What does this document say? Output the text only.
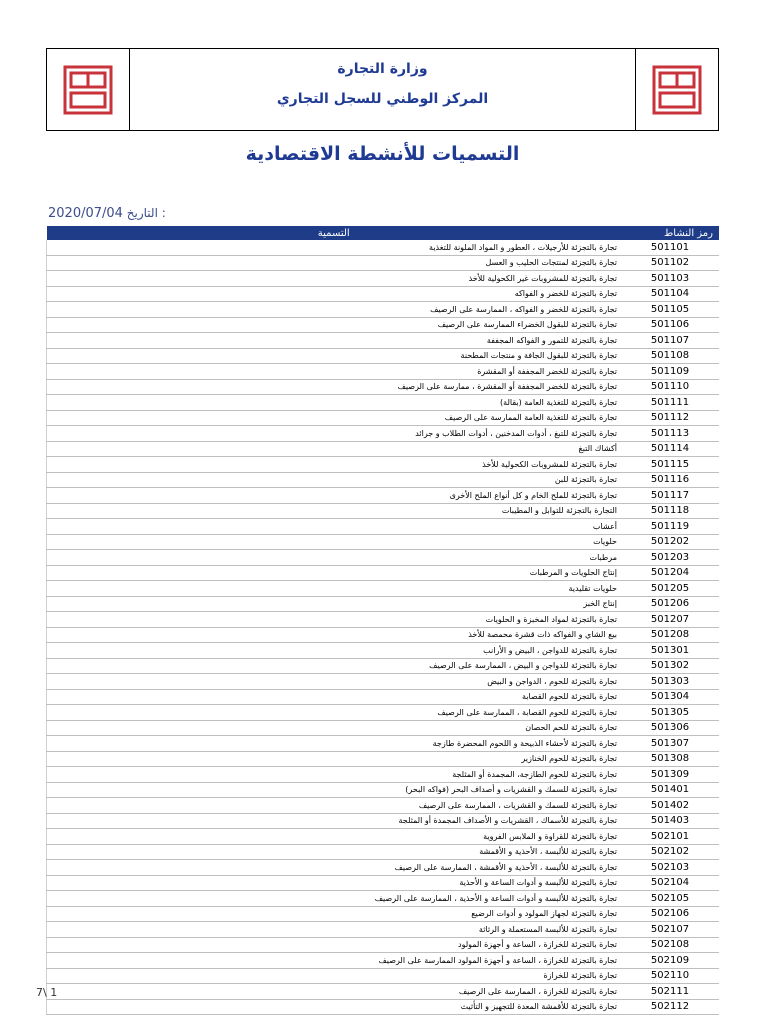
وزارة التجارة
المركز الوطني للسجل التجاري
التسميات للأنشطة الاقتصادية
2020/07/04 التاريخ :
رمز النشاط	التسمية
501101	تجارة بالتجزئة للأرجيلات ، العطور و المواد الملونة للتغذية
501102	تجارة بالتجزئة لمنتجات الحليب و العسل
501103	تجارة بالتجزئة للمشروبات غير الكحولية للأخذ
501104	تجارة بالتجزئة للخضر و الفواكه
501105	تجارة بالتجزئة للخضر و الفواكه ، الممارسة على الرصيف
501106	تجارة بالتجزئة للبقول الخضراء الممارسة على الرصيف
501107	تجارة بالتجزئة للتمور و الفواكه المجففة
501108	تجارة بالتجزئة للبقول الجافة و منتجات المطحنة
501109	تجارة بالتجزئة للخضر المجففة أو المقشرة
501110	تجارة بالتجزئة للخضر المجففة أو المقشرة ، ممارسة على الرصيف
501111	تجارة بالتجزئة للتغذية العامة (بقالة)
501112	تجارة بالتجزئة للتغذية العامة الممارسة على الرصيف
501113	تجارة بالتجزئة للتبغ ، أدوات المدخنين ، أدوات الطلاب و جرائد
501114	أكشاك التبغ
501115	تجارة بالتجزئة للمشروبات الكحولية للأخذ
501116	تجارة بالتجزئة للبن
501117	تجارة بالتجزئة للملح الخام و كل أنواع الملح الأخرى
501118	التجارة بالتجزئة للتوابل و المطيبات
501119	أعشاب
501202	حلويات
501203	مرطبات
501204	إنتاج الحلويات و المرطبات
501205	حلويات تقليدية
501206	إنتاج الخبز
501207	تجارة بالتجزئة لمواد المخبزة و الحلويات
501208	بيع الشاي و الفواكه ذات قشرة محمصة للأخذ
501301	تجارة بالتجزئة للدواجن ، البيض و الأرانب
501302	تجارة بالتجزئة للدواجن و البيض ، الممارسة على الرصيف
501303	تجارة بالتجزئة للحوم ، الدواجن و البيض
501304	تجارة بالتجزئة للحوم القصابة
501305	تجارة بالتجزئة للحوم القصابة ، الممارسة على الرصيف
501306	تجارة بالتجزئة للحم الحصان
501307	تجارة بالتجزئة لأحشاء الذبيحة و اللحوم المحضرة طازجة
501308	تجارة بالتجزئة للحوم الخنازير
501309	تجارة بالتجزئة للحوم الطازجة، المجمدة أو المثلجة
501401	تجارة بالتجزئة للسمك و القشريات و أصداف البحر (فواكه البحر)
501402	تجارة بالتجزئة للسمك و القشريات ، الممارسة على الرصيف
501403	تجارة بالتجزئة للأسماك ، القشريات و الأصداف المجمدة أو المثلجة
502101	تجارة بالتجزئة للقراوة و الملابس الفروية
502102	تجارة بالتجزئة للألبسة ، الأحذية و الأقمشة
502103	تجارة بالتجزئة للألبسة ، الأحذية و الأقمشة ، الممارسة على الرصيف
502104	تجارة بالتجزئة للألبسة و أدوات الساعة و الأحذية
502105	تجارة بالتجزئة للألبسة و أدوات الساعة و الأحذية ، الممارسة على الرصيف
502106	تجارة بالتجزئة لجهاز المولود و أدوات الرضيع
502107	تجارة بالتجزئة للألبسة المستعملة و الرثاثة
502108	تجارة بالتجزئة للخرازة ، الساعة و أجهزة المولود
502109	تجارة بالتجزئة للخرازة ، الساعة و أجهزة المولود الممارسة على الرصيف
502110	تجارة بالتجزئة للخرازة
502111	تجارة بالتجزئة للخرازة ، الممارسة على الرصيف
502112	تجارة بالتجزئة للأقمشة المعدة للتجهيز و التأثيث
7\ 1
